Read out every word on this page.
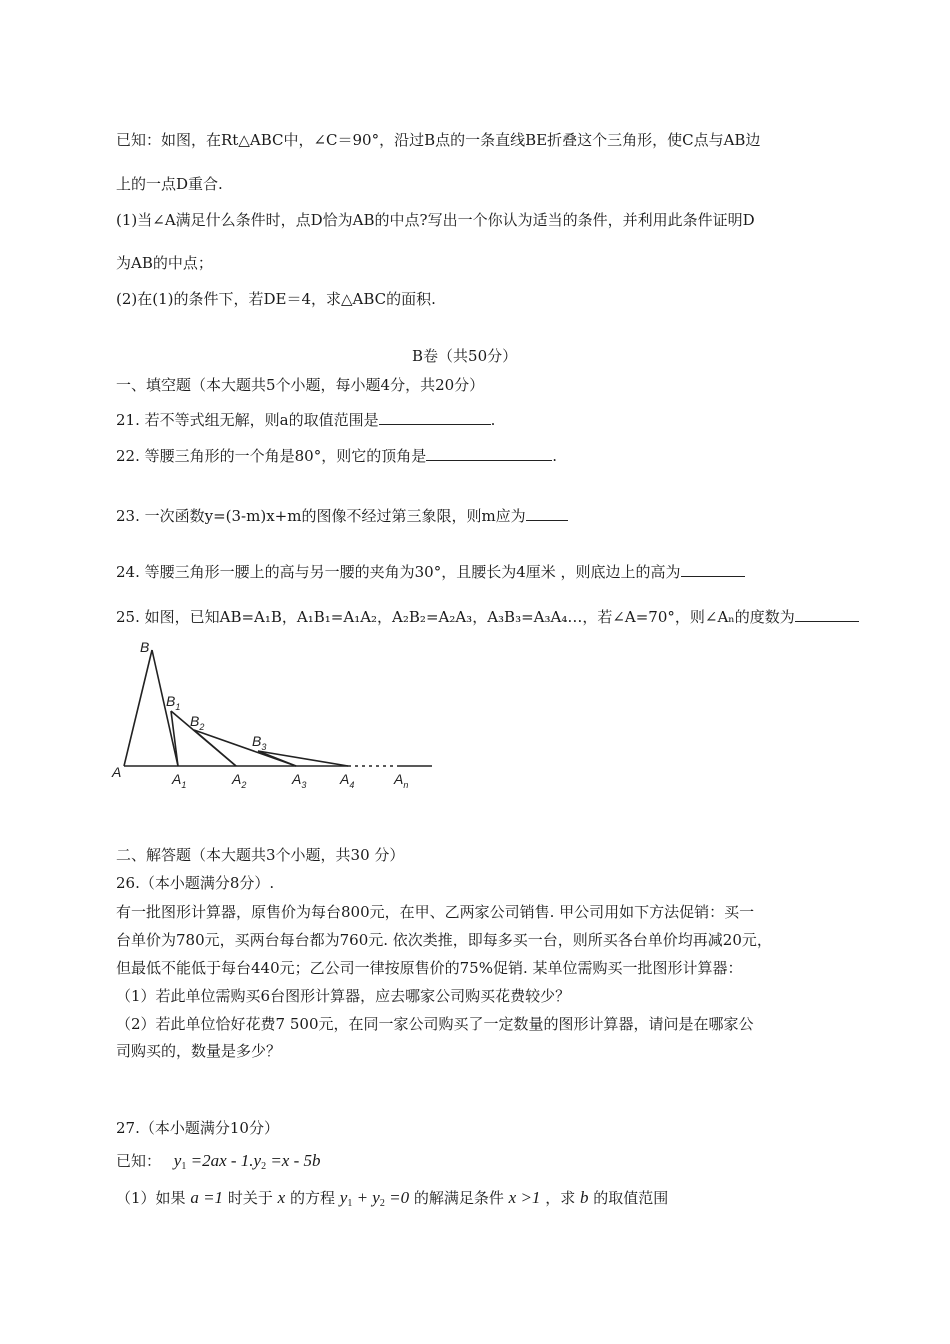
已知：如图，在Rt△ABC中，∠C＝90°，沿过B点的一条直线BE折叠这个三角形，使C点与AB边
上的一点D重合.
(1)当∠A满足什么条件时，点D恰为AB的中点?写出一个你认为适当的条件，并利用此条件证明D
为AB的中点；
(2)在(1)的条件下，若DE＝4，求△ABC的面积.
B卷（共50分）
一、填空题（本大题共5个小题，每小题4分，共20分）
21. 若不等式组无解，则a的取值范围是	.
22. 等腰三角形的一个角是80°，则它的顶角是	.
23. 一次函数y=(3-m)x+m的图像不经过第三象限，则m应为
24. 等腰三角形一腰上的高与另一腰的夹角为30°，且腰长为4厘米 ，则底边上的高为
25. 如图，已知AB=A₁B，A₁B₁=A₁A₂，A₂B₂=A₂A₃，A₃B₃=A₃A₄…，若∠A=70°，则∠Aₙ的度数为
B
$B_1$
$B_2$
$B_3$
A	$A_1$	$A_2$	$A_3$ $A_4$	$A_n$
二、解答题（本大题共3个小题，共30 分）
26.（本小题满分8分）.
有一批图形计算器，原售价为每台800元，在甲、乙两家公司销售. 甲公司用如下方法促销：买一
台单价为780元，买两台每台都为760元. 依次类推，即每多买一台，则所买各台单价均再减20元，
但最低不能低于每台440元；乙公司一律按原售价的75%促销. 某单位需购买一批图形计算器：
（1）若此单位需购买6台图形计算器，应去哪家公司购买花费较少？
（2）若此单位恰好花费7 500元，在同一家公司购买了一定数量的图形计算器，请问是在哪家公
司购买的，数量是多少？
27.（本小题满分10分）
已知： $y_1 =2ax - 1.y_2 =x - 5b$
（1）如果 a =1 时关于 x 的方程 $y_1 + y_2 =0$ 的解满足条件 x >1 ，求 b 的取值范围
